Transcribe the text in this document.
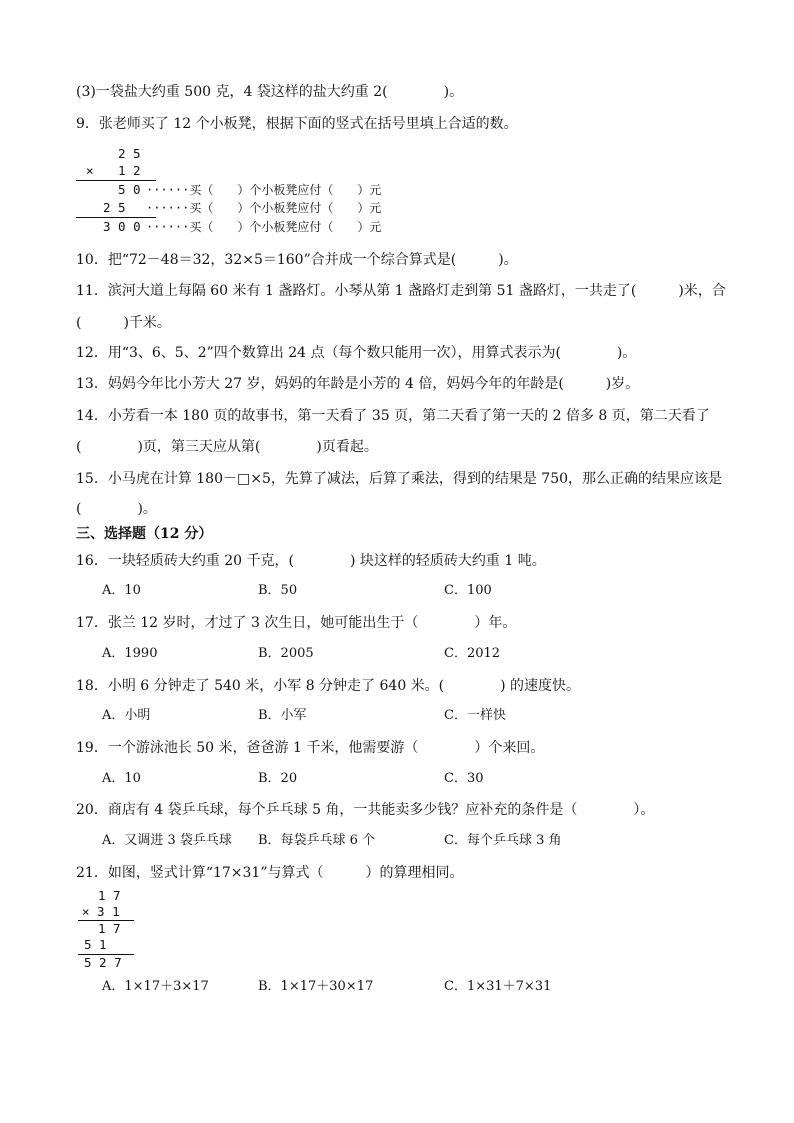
(3)一袋盐大约重 500 克，4 袋这样的盐大约重 2(　　　　)。
9．张老师买了 12 个小板凳，根据下面的竖式在括号里填上合适的数。
2 5
× 1 2
5 0 ······买（　　）个小板凳应付（　　）元
2 5 ······买（　　）个小板凳应付（　　）元
3 0 0 ······买（　　）个小板凳应付（　　）元
10．把“72－48＝32，32×5＝160”合并成一个综合算式是(　　　)。
11．滨河大道上每隔 60 米有 1 盏路灯。小琴从第 1 盏路灯走到第 51 盏路灯，一共走了(　　　)米，合
(　　　)千米。
12．用“3、6、5、2”四个数算出 24 点（每个数只能用一次），用算式表示为(　　　　)。
13．妈妈今年比小芳大 27 岁，妈妈的年龄是小芳的 4 倍，妈妈今年的年龄是(　　　)岁。
14．小芳看一本 180 页的故事书，第一天看了 35 页，第二天看了第一天的 2 倍多 8 页，第二天看了
(　　　　)页，第三天应从第(　　　　)页看起。
15．小马虎在计算 180－□×5，先算了减法，后算了乘法，得到的结果是 750，那么正确的结果应该是
(　　　　)。
三、选择题（12 分）
16．一块轻质砖大约重 20 千克，(　　　　) 块这样的轻质砖大约重 1 吨。
A．10	B．50	C．100
17．张兰 12 岁时，才过了 3 次生日，她可能出生于（　　　　）年。
A．1990	B．2005	C．2012
18．小明 6 分钟走了 540 米，小军 8 分钟走了 640 米。(　　　　) 的速度快。
A．小明	B．小军	C．一样快
19．一个游泳池长 50 米，爸爸游 1 千米，他需要游（　　　　）个来回。
A．10	B．20	C．30
20．商店有 4 袋乒乓球，每个乒乓球 5 角，一共能卖多少钱？应补充的条件是（　　　　）。
A．又调进 3 袋乒乓球 B．每袋乒乓球 6 个	C．每个乒乓球 3 角
21．如图，竖式计算“17×31”与算式（　　　）的算理相同。
1 7
× 3 1
1 7
5 1
5 2 7
A．1×17＋3×17	B．1×17＋30×17	C．1×31＋7×31
